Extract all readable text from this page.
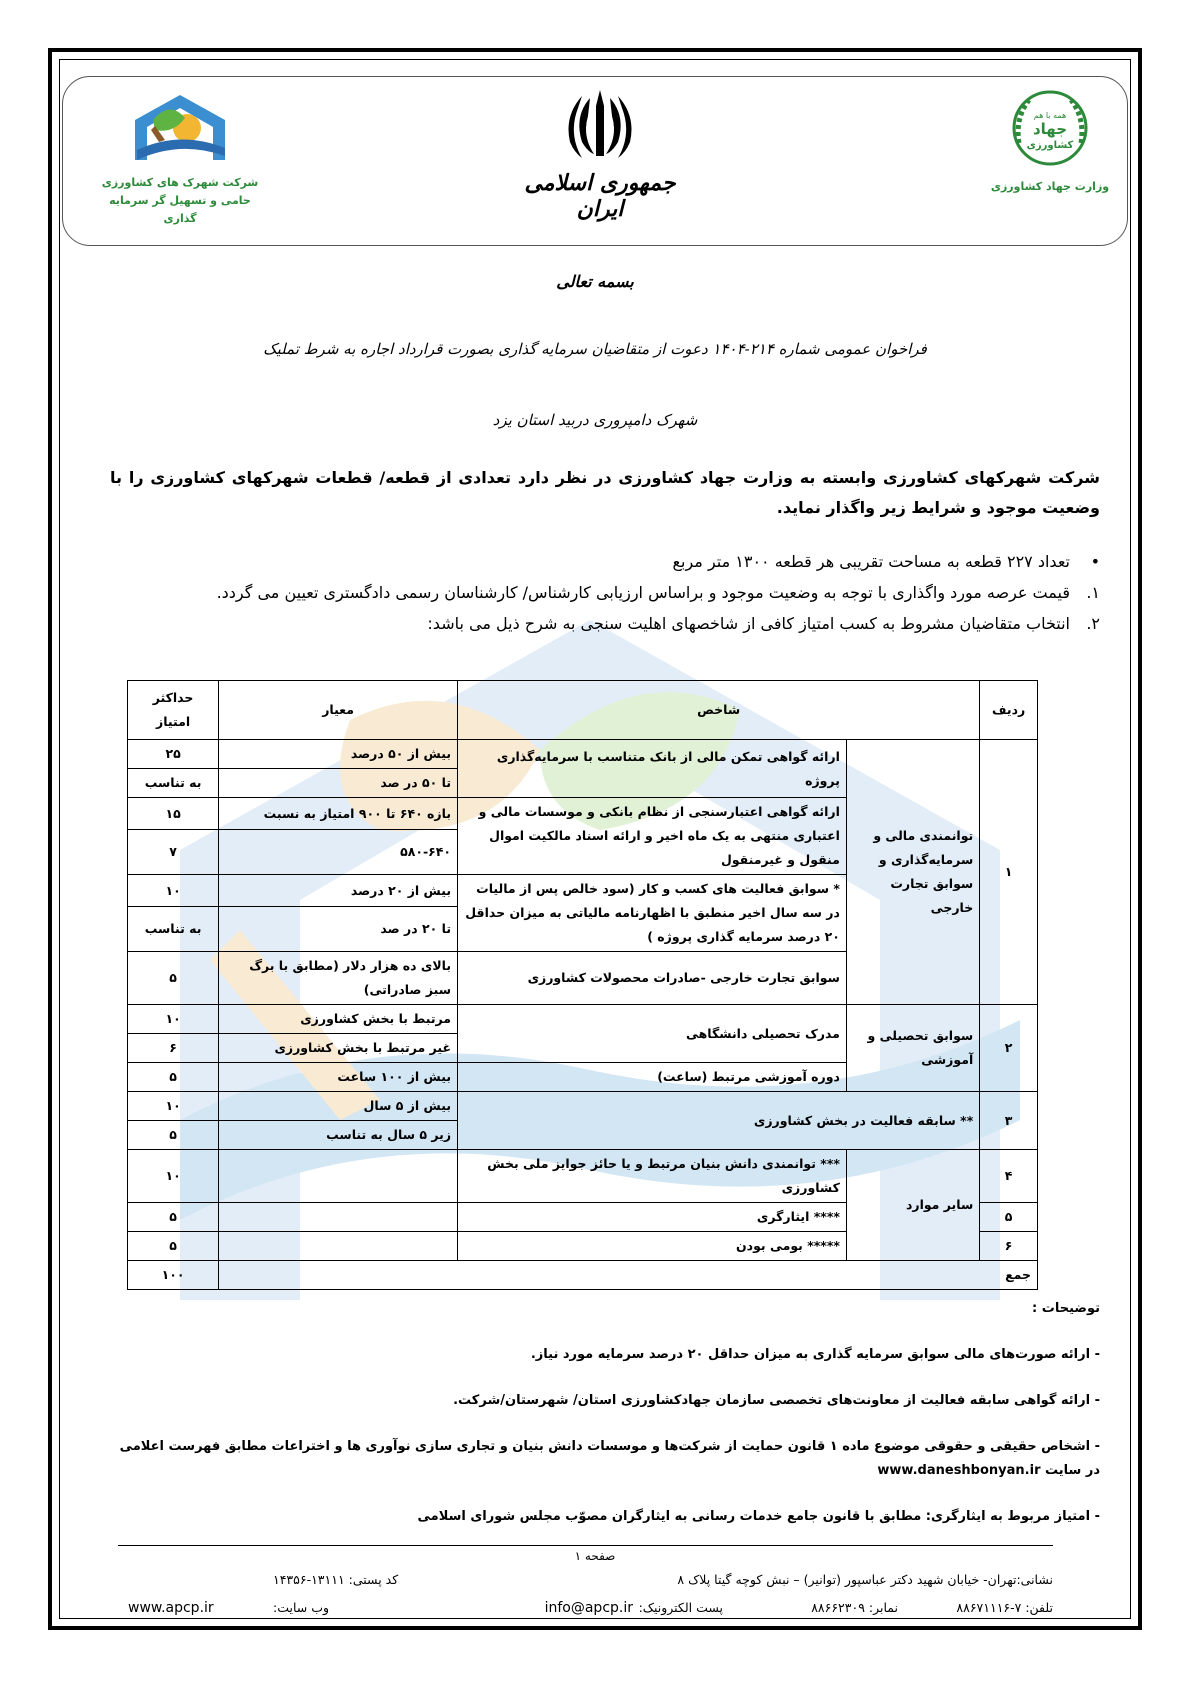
شرکت شهرک های کشاورزی
حامی و تسهیل گر سرمایه گذاری
جمهوری اسلامی ایران
همه با هم
جهاد
کشاورزی
وزارت جهاد کشاورزی
بسمه تعالی
فراخوان عمومی شماره ۲۱۴-۱۴۰۴ دعوت از متقاضیان سرمایه گذاری بصورت قرارداد اجاره به شرط تملیک
شهرک دامپروری دربید استان یزد
شرکت شهرکهای کشاورزی وابسته به وزارت جهاد کشاورزی در نظر دارد تعدادی از قطعه/ قطعات شهرکهای کشاورزی را با وضعیت موجود و شرایط زیر واگذار نماید.
•
تعداد ۲۲۷ قطعه به مساحت تقریبی هر قطعه ۱۳۰۰ متر مربع
۱.
قیمت عرصه مورد واگذاری با توجه به وضعیت موجود و براساس ارزیابی کارشناس/ کارشناسان رسمی دادگستری تعیین می گردد.
۲.
انتخاب متقاضیان مشروط به کسب امتیاز کافی از شاخصهای اهلیت سنجی به شرح ذیل می باشد:
ردیف	شاخص		معیار	حداکثر امتیاز
۱	توانمندی مالی و سرمایه‌گذاری و سوابق تجارت خارجی	ارائه گواهی تمکن مالی از بانک متناسب با سرمایه‌گذاری پروژه	بیش از ۵۰ درصد	۲۵
			تا ۵۰ در صد	به تناسب
		ارائه گواهی اعتبارسنجی از نظام بانکی و موسسات مالی و اعتباری منتهی به یک ماه اخیر و ارائه اسناد مالکیت اموال منقول و غیرمنقول	بازه ۶۴۰ تا ۹۰۰ امتیاز به نسبت	۱۵
			۵۸۰-۶۴۰	۷
		* سوابق فعالیت های کسب و کار (سود خالص پس از مالیات در سه سال اخیر منطبق با اظهارنامه مالیاتی به میزان حداقل ۲۰ درصد سرمایه گذاری پروژه )	بیش از ۲۰ درصد	۱۰
			تا ۲۰ در صد	به تناسب
		سوابق تجارت خارجی -صادرات محصولات کشاورزی	بالای ده هزار دلار (مطابق با برگ سبز صادراتی)	۵

۲	سوابق تحصیلی و آموزشی	مدرک تحصیلی دانشگاهی	مرتبط با بخش کشاورزی	۱۰
			غیر مرتبط با بخش کشاورزی	۶
		دوره آموزشی مرتبط (ساعت)	بیش از ۱۰۰ ساعت	۵
۳	** سابقه فعالیت در بخش کشاورزی		بیش از ۵ سال	۱۰
			زیر ۵ سال به تناسب	۵
۴	سایر موارد	*** توانمندی دانش بنیان مرتبط و یا حائز جوایز ملی بخش کشاورزی		۱۰
۵		**** ایثارگری		۵
۶		***** بومی بودن		۵
جمع				۱۰۰

توضیحات :

- ارائه صورت‌های مالی سوابق سرمایه گذاری به میزان حداقل ۲۰ درصد سرمایه مورد نیاز.

- ارائه گواهی سابقه فعالیت از معاونت‌های تخصصی سازمان جهادکشاورزی استان/ شهرستان/شرکت.

- اشخاص حقیقی و حقوقی موضوع ماده ۱ قانون حمایت از شرکت‌ها و موسسات دانش بنیان و تجاری سازی نوآوری ها و اختراعات مطابق فهرست اعلامی در سایت www.daneshbonyan.ir

- امتیاز مربوط به ایثارگری: مطابق با قانون جامع خدمات رسانی به ایثارگران مصوّب مجلس شورای اسلامی

صفحه ۱
نشانی:تهران- خیابان شهید دکتر عباسپور (توانیر) – نبش کوچه گیتا پلاک ۸
کد پستی: ۱۳۱۱۱-۱۴۳۵۶
تلفن: ۷-۸۸۶۷۱۱۱۶
نمابر: ۸۸۶۶۲۳۰۹
پست الکترونیک:
info@apcp.ir
وب سایت:
www.apcp.ir
